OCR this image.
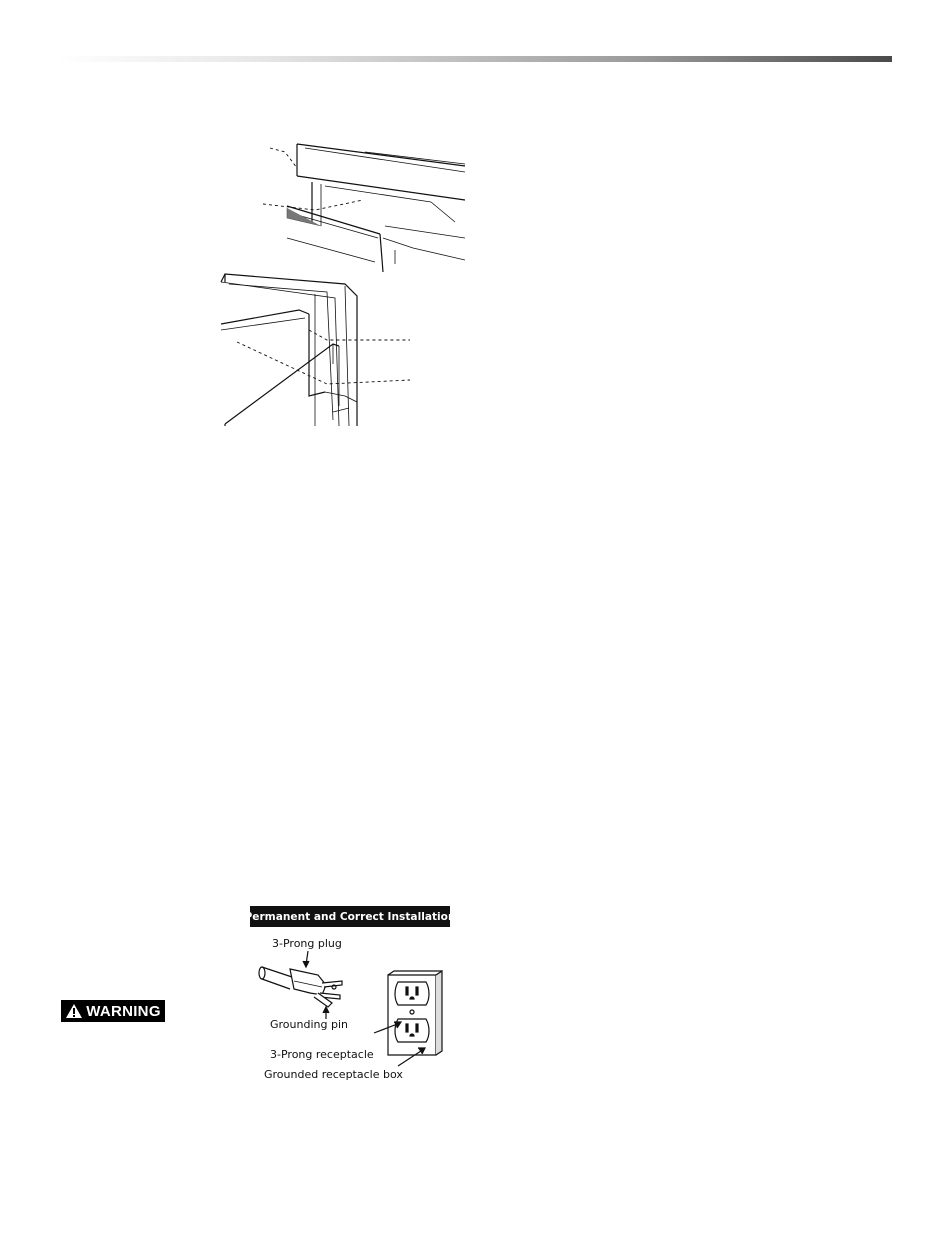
WARNING
Permanent and Correct Installation
3-Prong plug
Grounding pin
3-Prong receptacle
Grounded receptacle box
